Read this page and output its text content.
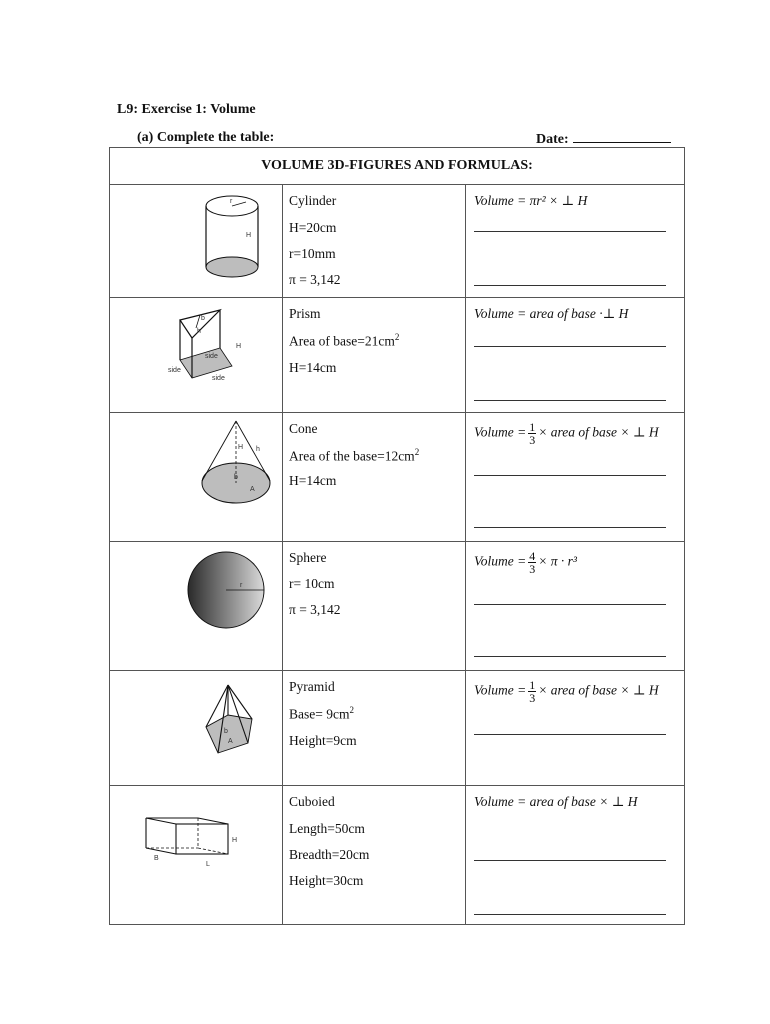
L9: Exercise 1: Volume
(a) Complete the table:	Date:
VOLUME 3D-FIGURES AND FORMULAS:
r
H
Cylinder
H=20cm
r=10mm
π = 3,142
Volume = πr² × ⊥ H
b
h
H
side
side
side
Prism
Area of $base=21cm^2$
H=14cm
Volume = area of base ·⊥ H
H h
b
A
Cone
Area of the $base=12cm^2$
H=14cm
Volume = $\frac{1}{3}$ × area of base × ⊥ H
r
Sphere
r= 10cm
π = 3,142
Volume = $\frac{4}{3} \times \pi \cdot r^3$
b
A
Pyramid
Base= $9cm^2$
Height=9cm
Volume = $\frac{1}{3}$ × area of base × ⊥ H
H
B
L
Cuboied
Length=50cm
Breadth=20cm
Height=30cm
Volume = area of base × ⊥ H
